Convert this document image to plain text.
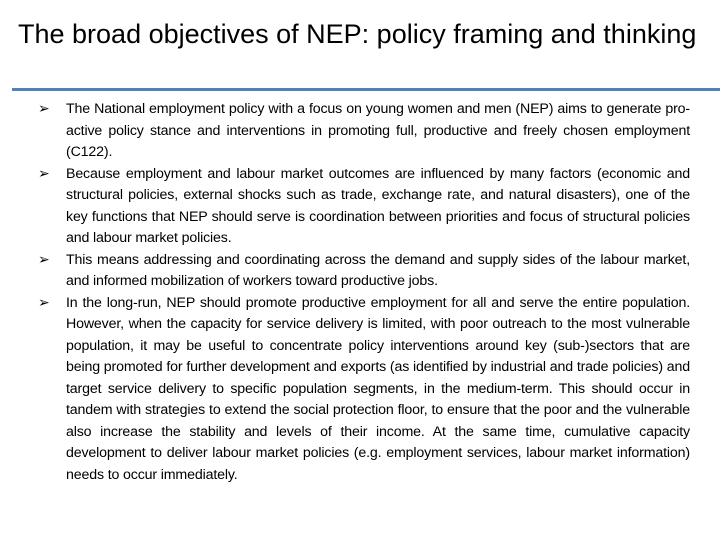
The broad objectives of NEP: policy framing and thinking
➢ The National employment policy with a focus on young women and men (NEP) aims to generate pro-active policy stance and interventions in promoting full, productive and freely chosen employment (C122).
➢ Because employment and labour market outcomes are influenced by many factors (economic and structural policies, external shocks such as trade, exchange rate, and natural disasters), one of the key functions that NEP should serve is coordination between priorities and focus of structural policies and labour market policies.
➢ This means addressing and coordinating across the demand and supply sides of the labour market, and informed mobilization of workers toward productive jobs.
➢ In the long-run, NEP should promote productive employment for all and serve the entire population. However, when the capacity for service delivery is limited, with poor outreach to the most vulnerable population, it may be useful to concentrate policy interventions around key (sub-)sectors that are being promoted for further development and exports (as identified by industrial and trade policies) and target service delivery to specific population segments, in the medium-term. This should occur in tandem with strategies to extend the social protection floor, to ensure that the poor and the vulnerable also increase the stability and levels of their income. At the same time, cumulative capacity development to deliver labour market policies (e.g. employment services, labour market information) needs to occur immediately.
